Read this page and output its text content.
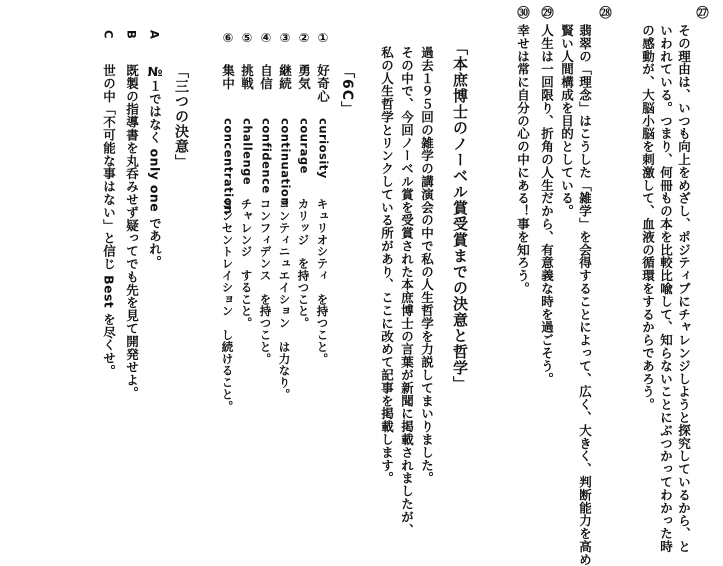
㉗
その理由は、いつも向上をめざし、ポジティブにチャレンジしようと探究しているから、と
いわれている。つまり、何冊もの本を比較比喩して、知らないことにぶつかってわかった時
の感動が、大脳小脳を刺激して、血液の循環をするからであろう。
㉘
翡翠の「理念」はこうした「雑学」を会得することによって、広く、大きく、判断能力を高め
賢い人間構成を目的としている。
㉙
人生は一回限り、折角の人生だから、有意義な時を過ごそう。
㉚
幸せは常に自分の心の中にある！事を知ろう。
「本庶博士のノーベル賞受賞までの決意と哲学」
過去１９５回の雑学の講演会の中で私の人生哲学を力説してまいりました。
その中で、今回ノーベル賞を受賞された本庶博士の言葉が新聞に掲載されましたが、
私の人生哲学とリンクしている所があり、ここに改めて記事を掲載します。
「6C」
①
②
③
④
⑤
⑥
好奇心
勇気
継続
自信
挑戦
集中
curiosity
courage
continuation
confidence
challenge
concentration
キュリオシティ　を持つこと。
カリッジ　を持つこと。
コンティニュエイション　は力なり。
コンフィデンス　を持つこと。
チャレンジ　すること。
コンセントレイション　し続けること。
「三つの決意」
A
B
C
№１ではなく only one であれ。
既製の指導書を丸呑みせず疑ってでも先を見て開発せよ。
世の中「不可能な事はない」と信じ Best を尽くせ。
